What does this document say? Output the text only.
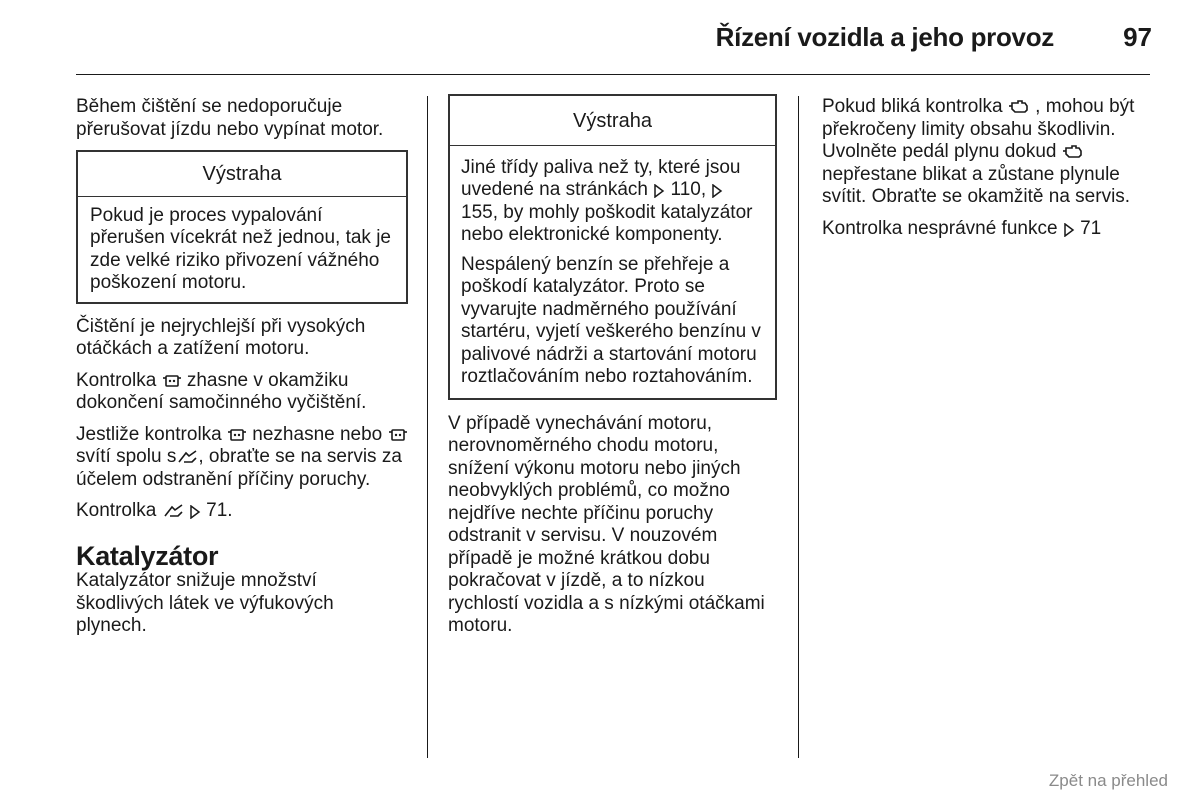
Řízení vozidla a jeho provoz	97

Během čištění se nedoporučuje přerušovat jízdu nebo vypínat motor.

Výstraha

Pokud je proces vypalování přerušen vícekrát než jednou, tak je zde velké riziko přivození vážného poškození motoru.

Čištění je nejrychlejší při vysokých otáčkách a zatížení motoru.

Kontrolka zhasne v okamžiku dokončení samočinného vyčištění.

Jestliže kontrolka nezhasne nebo
svítí spolu s , obraťte se na servis za účelem odstranění příčiny poruchy.

Kontrolka
	71.

Katalyzátor

Katalyzátor snižuje množství škodlivých látek ve výfukových plynech.

Výstraha

Jiné třídy paliva než ty, které jsou uvedené na stránkách 110,
155, by mohly poškodit katalyzátor nebo elektronické komponenty.

Nespálený benzín se přehřeje a poškodí katalyzátor. Proto se vyvarujte nadměrného používání startéru, vyjetí veškerého benzínu v palivové nádrži a startování motoru roztlačováním nebo roztahováním.

V případě vynechávání motoru, nerovnoměrného chodu motoru, snížení výkonu motoru nebo jiných neobvyklých problémů, co možno nejdříve nechte příčinu poruchy odstranit v servisu. V nouzovém případě je možné krátkou dobu pokračovat v jízdě, a to nízkou rychlostí vozidla a s nízkými otáčkami motoru.

Pokud bliká kontrolka , mohou být překročeny limity obsahu škodlivin. Uvolněte pedál plynu dokud
nepřestane blikat a zůstane plynule svítit. Obraťte se okamžitě na servis.

Kontrolka nesprávné funkce 71

Zpět na přehled
